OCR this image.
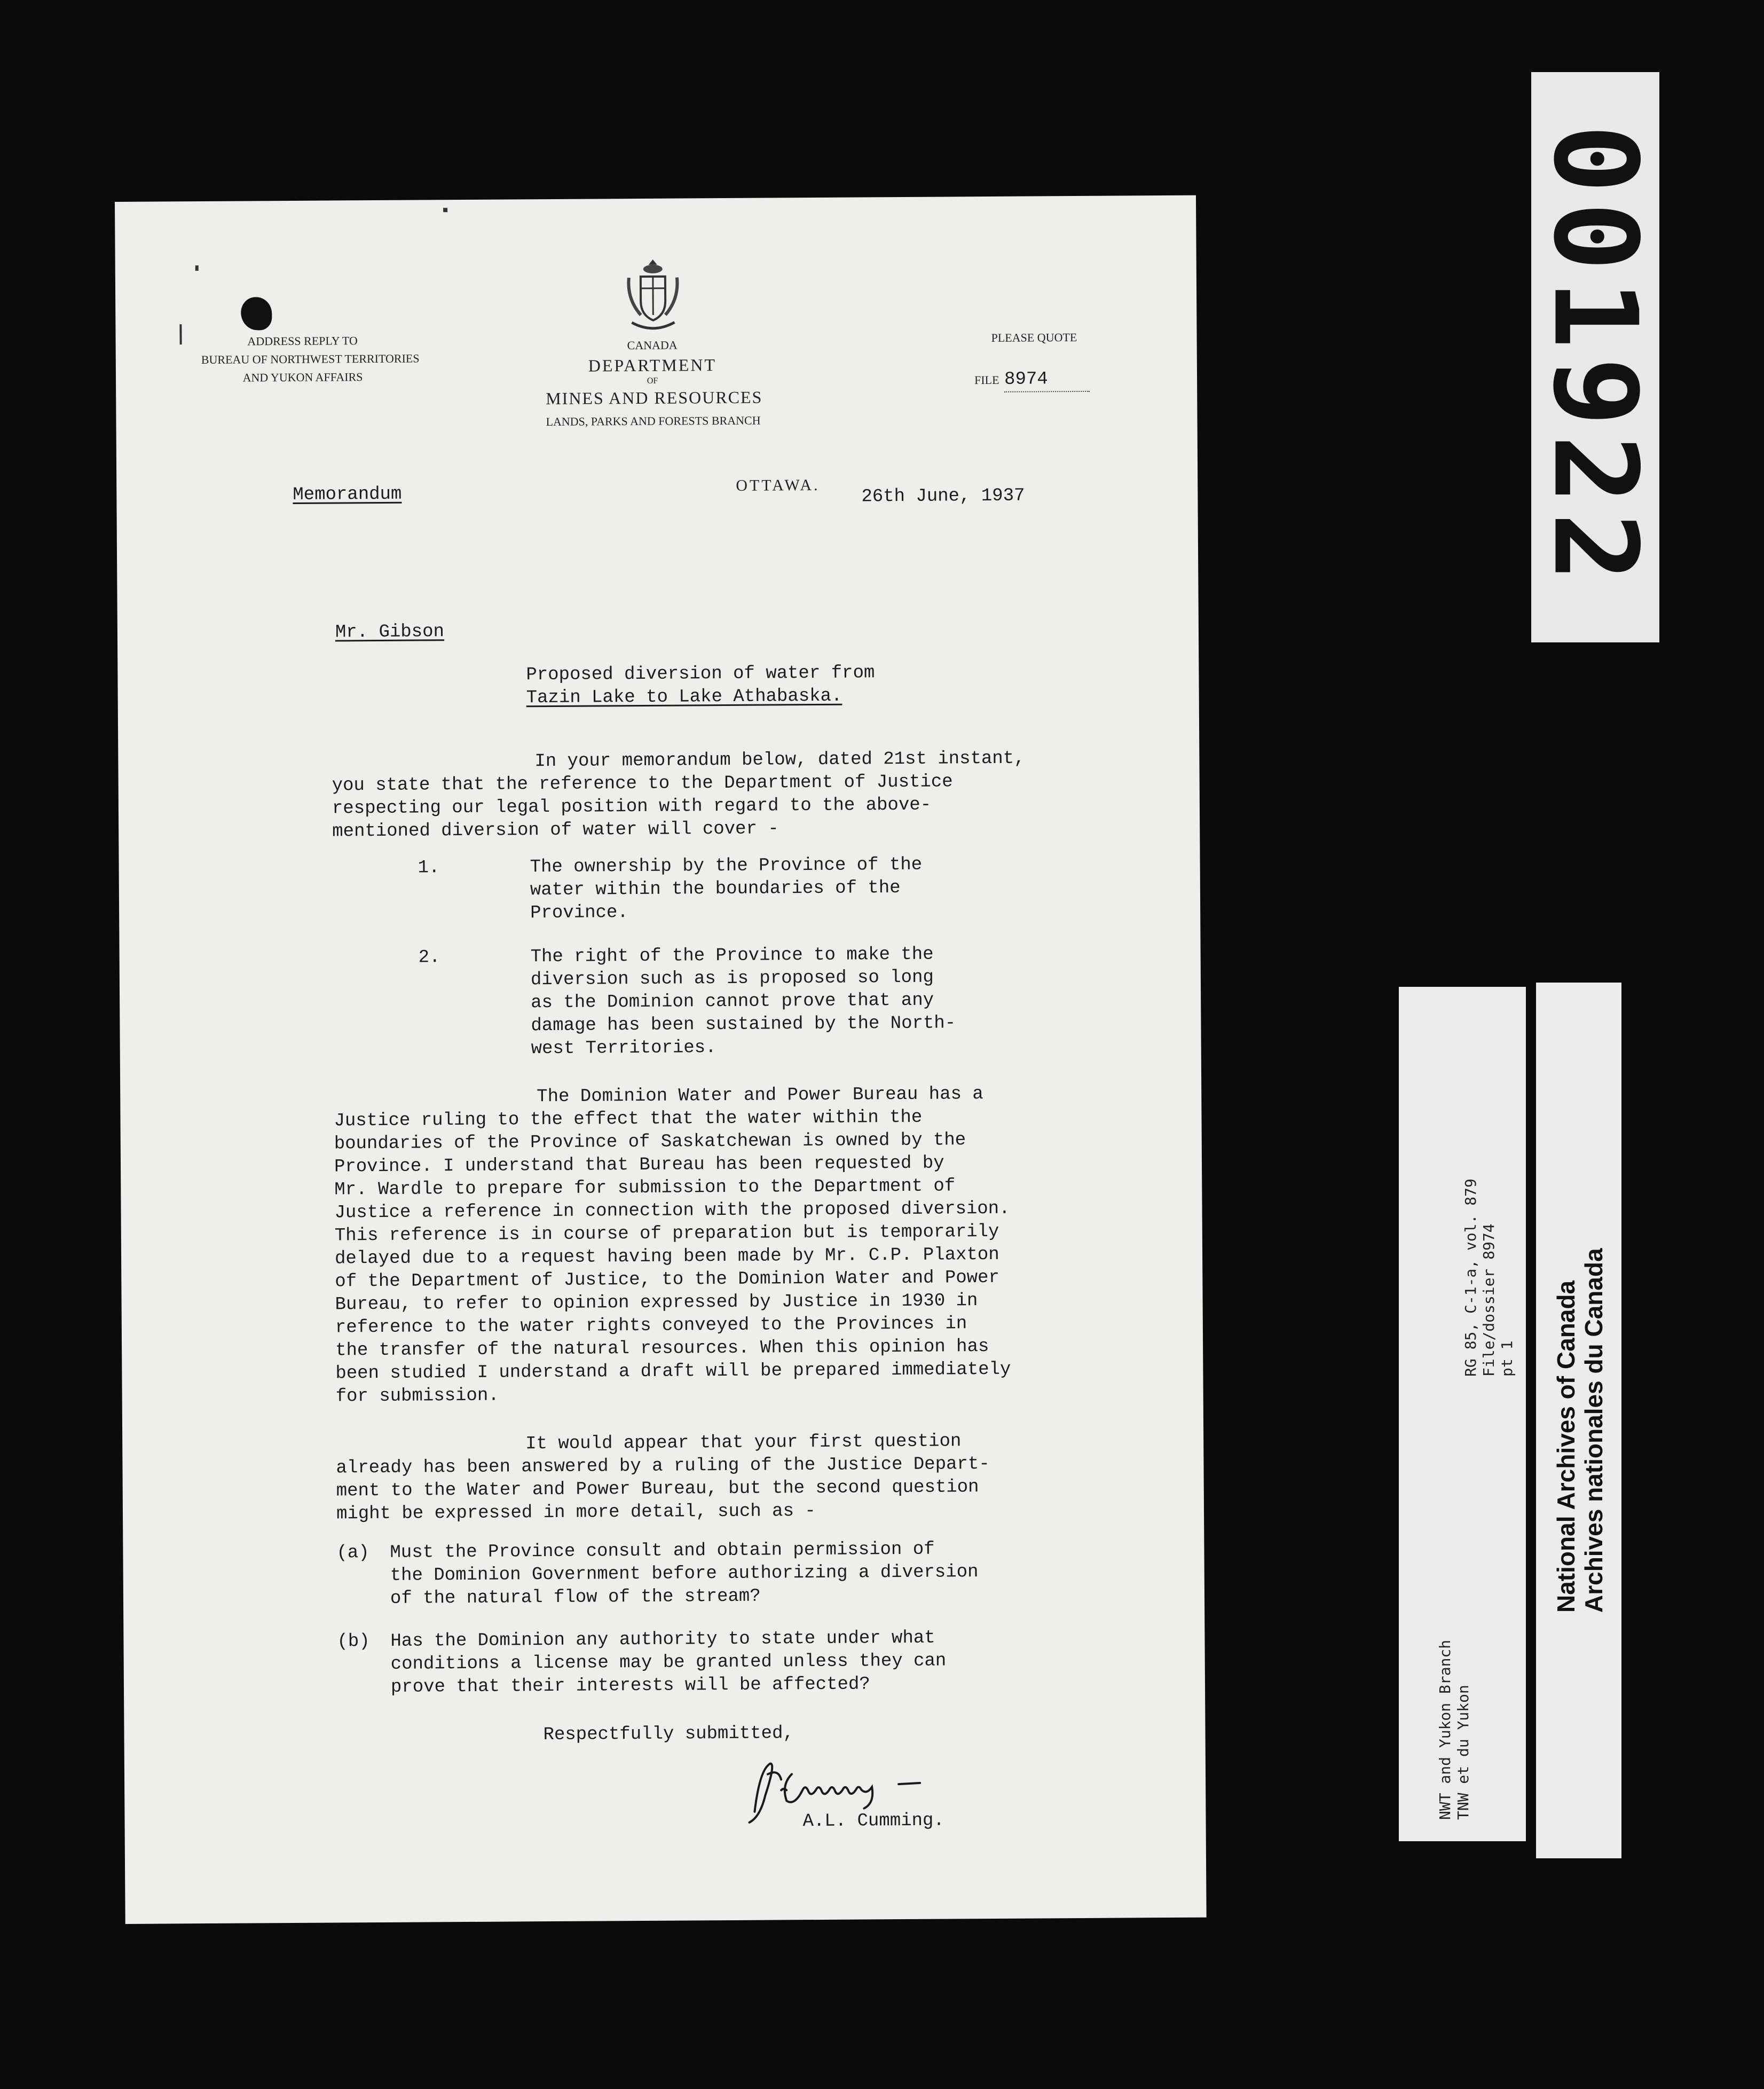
ADDRESS REPLY TO
BUREAU OF NORTHWEST TERRITORIES
AND YUKON AFFAIRS
CANADA
DEPARTMENT
OF
MINES AND RESOURCES
LANDS, PARKS AND FORESTS BRANCH
PLEASE QUOTE
FILE 8974
Memorandum	OTTAWA.
26th June, 1937
Mr. Gibson
Proposed diversion of water from
Tazin Lake to Lake Athabaska.
In your memorandum below, dated 21st instant,
you state that the reference to the Department of Justice
respecting our legal position with regard to the above-
mentioned diversion of water will cover -
1.	The ownership by the Province of the
water within the boundaries of the
Province.
2.	The right of the Province to make the
diversion such as is proposed so long
as the Dominion cannot prove that any
damage has been sustained by the North-
west Territories.
The Dominion Water and Power Bureau has a
Justice ruling to the effect that the water within the
boundaries of the Province of Saskatchewan is owned by the
Province. I understand that Bureau has been requested by
Mr. Wardle to prepare for submission to the Department of
Justice a reference in connection with the proposed diversion.
This reference is in course of preparation but is temporarily
delayed due to a request having been made by Mr. C.P. Plaxton
of the Department of Justice, to the Dominion Water and Power
Bureau, to refer to opinion expressed by Justice in 1930 in
reference to the water rights conveyed to the Provinces in
the transfer of the natural resources. When this opinion has
been studied I understand a draft will be prepared immediately
for submission.
It would appear that your first question
already has been answered by a ruling of the Justice Depart-
ment to the Water and Power Bureau, but the second question
might be expressed in more detail, such as -
(a) Must the Province consult and obtain permission of
the Dominion Government before authorizing a diversion
of the natural flow of the stream?
(b) Has the Dominion any authority to state under what
conditions a license may be granted unless they can
prove that their interests will be affected?
Respectfully submitted,
A.L. Cumming.
001922
NWT and Yukon Branch TNW et du Yukon
RG 85, C-1-a, vol. 879 File/dossier 8974 pt 1 National Archives of Canada Archives nationales du Canada
